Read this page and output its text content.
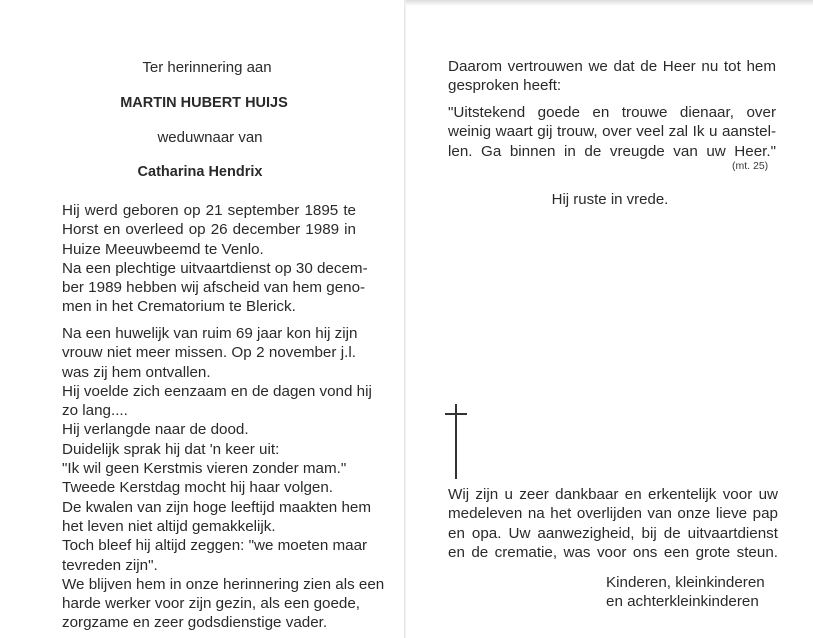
Ter herinnering aan
MARTIN HUBERT HUIJS
weduwnaar van
Catharina Hendrix
Hij werd geboren op 21 september 1895 te
Horst en overleed op 26 december 1989 in
Huize Meeuwbeemd te Venlo.
Na een plechtige uitvaartdienst op 30 decem-
ber 1989 hebben wij afscheid van hem geno-
men in het Crematorium te Blerick.
Na een huwelijk van ruim 69 jaar kon hij zijn
vrouw niet meer missen. Op 2 november j.l.
was zij hem ontvallen.
Hij voelde zich eenzaam en de dagen vond hij
zo lang....
Hij verlangde naar de dood.
Duidelijk sprak hij dat 'n keer uit:
"Ik wil geen Kerstmis vieren zonder mam."
Tweede Kerstdag mocht hij haar volgen.
De kwalen van zijn hoge leeftijd maakten hem
het leven niet altijd gemakkelijk.
Toch bleef hij altijd zeggen: "we moeten maar
tevreden zijn".
We blijven hem in onze herinnering zien als een
harde werker voor zijn gezin, als een goede,
zorgzame en zeer godsdienstige vader.
Daarom vertrouwen we dat de Heer nu tot hem
gesproken heeft:
"Uitstekend goede en trouwe dienaar, over
weinig waart gij trouw, over veel zal Ik u aanstel-
len. Ga binnen in de vreugde van uw Heer."
(mt. 25)
Hij ruste in vrede.
Wij zijn u zeer dankbaar en erkentelijk voor uw
medeleven na het overlijden van onze lieve pap
en opa. Uw aanwezigheid, bij de uitvaartdienst
en de crematie, was voor ons een grote steun.
Kinderen, kleinkinderen
en achterkleinkinderen
